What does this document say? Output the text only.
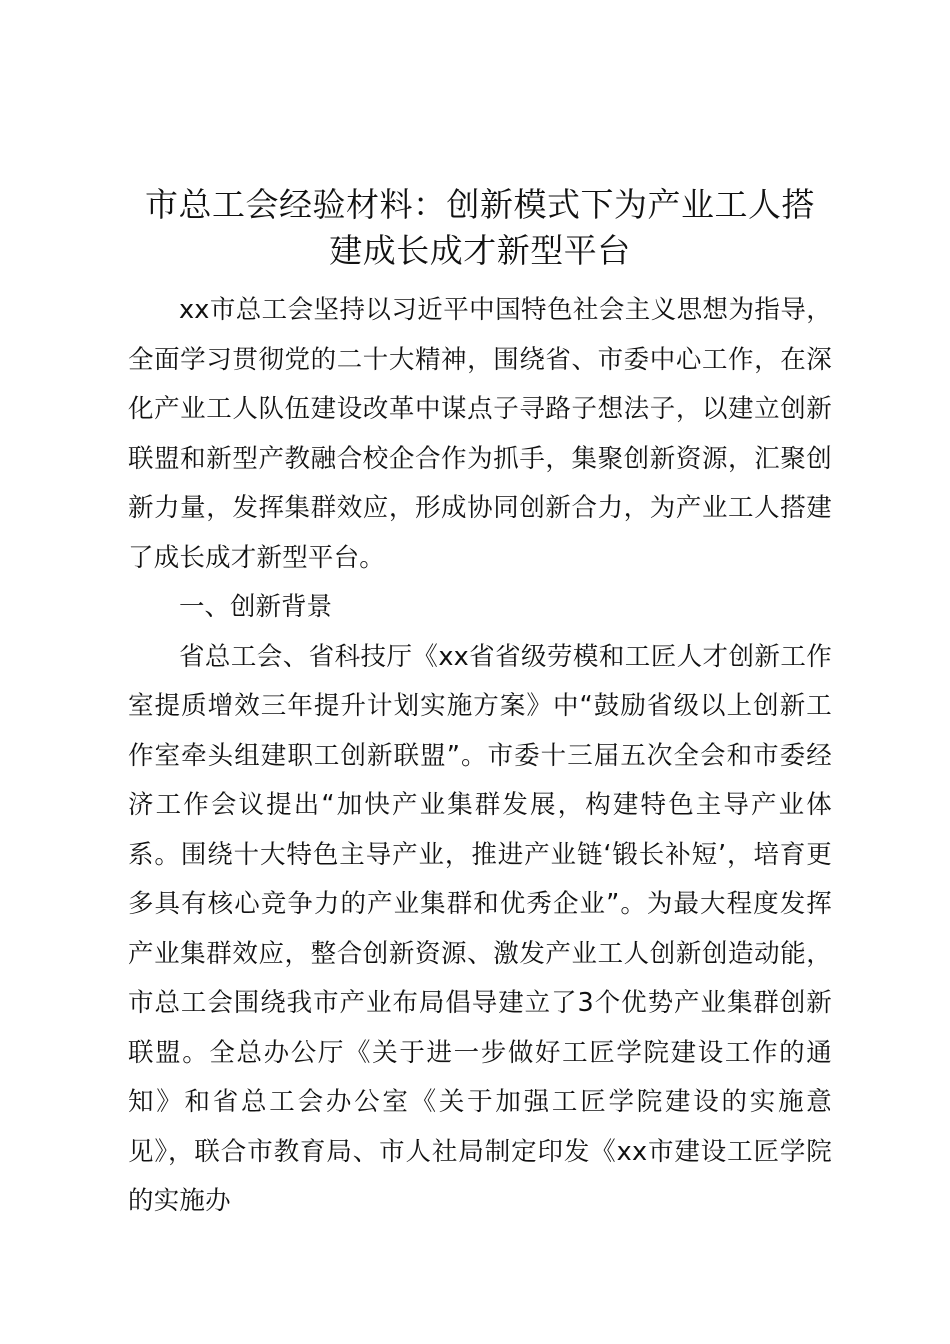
市总工会经验材料：创新模式下为产业工人搭
建成长成才新型平台

xx市总工会坚持以习近平中国特色社会主义思想为指导，全面学习贯彻党的二十大精神，围绕省、市委中心工作，在深化产业工人队伍建设改革中谋点子寻路子想法子，以建立创新联盟和新型产教融合校企合作为抓手，集聚创新资源，汇聚创新力量，发挥集群效应，形成协同创新合力，为产业工人搭建了成长成才新型平台。

一、创新背景

省总工会、省科技厅《xx省省级劳模和工匠人才创新工作室提质增效三年提升计划实施方案》中“鼓励省级以上创新工作室牵头组建职工创新联盟”。市委十三届五次全会和市委经济工作会议提出“加快产业集群发展，构建特色主导产业体系。围绕十大特色主导产业，推进产业链‘锻长补短’，培育更多具有核心竞争力的产业集群和优秀企业”。为最大程度发挥产业集群效应，整合创新资源、激发产业工人创新创造动能，市总工会围绕我市产业布局倡导建立了3个优势产业集群创新联盟。全总办公厅《关于进一步做好工匠学院建设工作的通知》和省总工会办公室《关于加强工匠学院建设的实施意见》，联合市教育局、市人社局制定印发《xx市建设工匠学院的实施办
